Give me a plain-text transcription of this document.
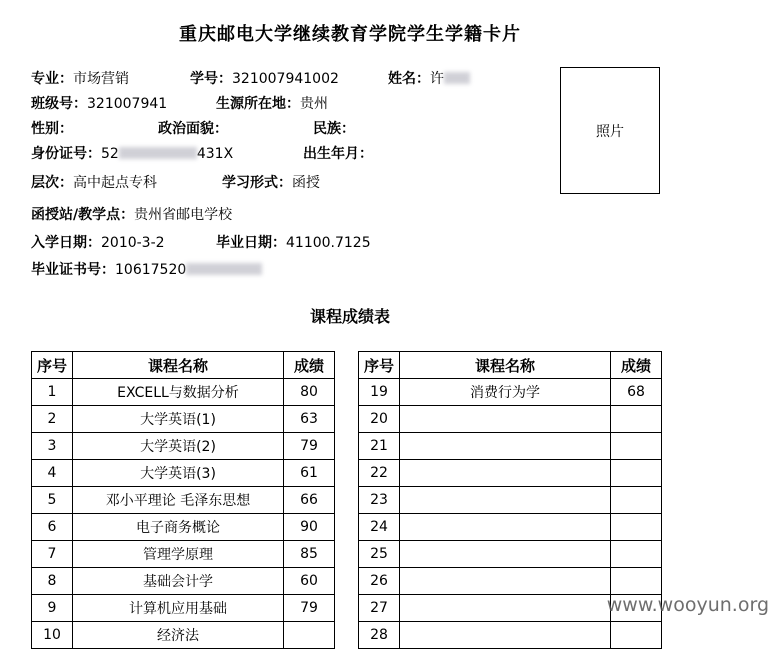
重庆邮电大学继续教育学院学生学籍卡片
专业：市场营销	学号：321007941002	姓名：许
班级号：321007941	生源所在地：贵州
性别：	政治面貌：	民族：
身份证号：52	431X	出生年月：
层次：高中起点专科	学习形式：函授
函授站/教学点：贵州省邮电学校
入学日期：2010-3-2	毕业日期：41100.7125
毕业证书号：10617520
照片
课程成绩表
序号	课程名称	成绩
1	EXCELL与数据分析	80
2	大学英语(1)	63
3	大学英语(2)	79
4	大学英语(3)	61
5	邓小平理论 毛泽东思想	66
6	电子商务概论	90
7	管理学原理	85
8	基础会计学	60
9	计算机应用基础	79
10	经济法	
序号	课程名称	成绩
19	消费行为学	68
20		
21		
22		
23		
24		
25		
26		
27		
28		
www.wooyun.org
